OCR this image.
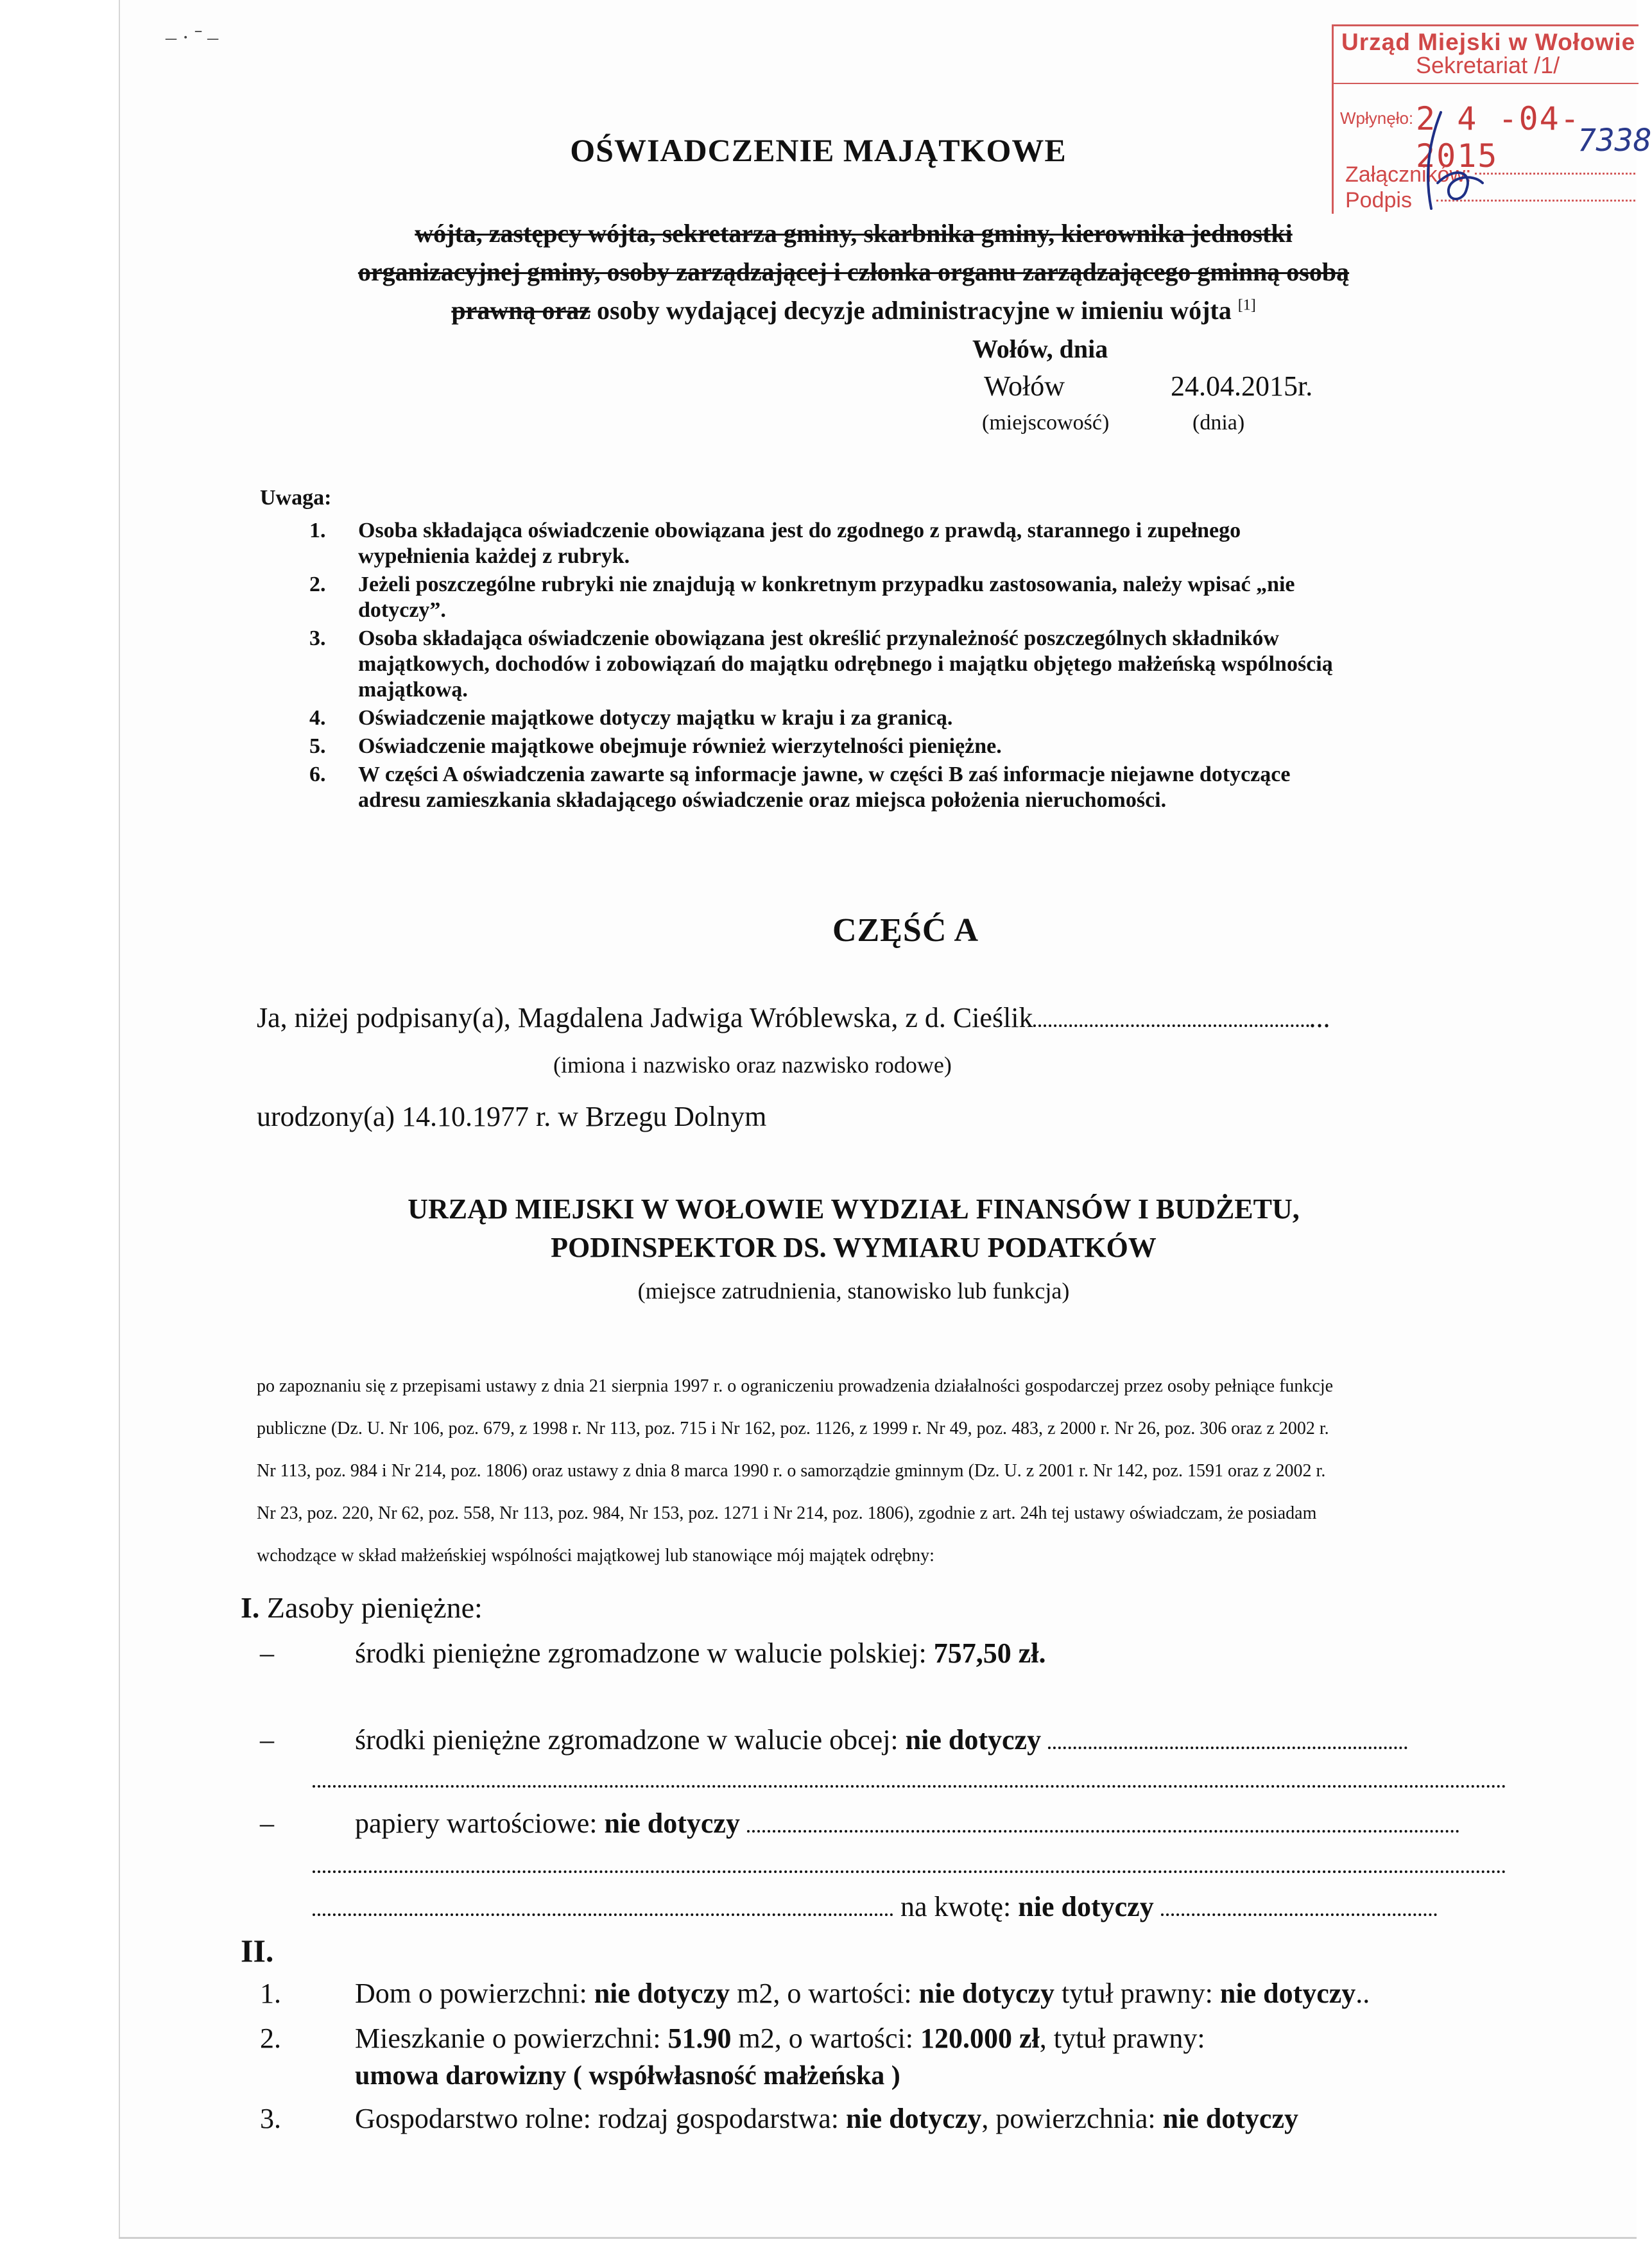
– · ˉ –	Urząd Miejski w Wołowie
Sekretariat /1/
Wpłynęło: 2 4 -04- 2015	7338
Załączników:
Podpis
OŚWIADCZENIE MAJĄTKOWE
wójta, zastępcy wójta, sekretarza gminy, skarbnika gminy, kierownika jednostki
organizacyjnej gminy, osoby zarządzającej i członka organu zarządzającego gminną osobą
prawną oraz osoby wydającej decyzje administracyjne w imieniu wójta [1]
Wołów, dnia
Wołów	24.04.2015r.
(miejscowość)	(dnia)
Uwaga:
1. Osoba składająca oświadczenie obowiązana jest do zgodnego z prawdą, starannego i zupełnego
wypełnienia każdej z rubryk.
2. Jeżeli poszczególne rubryki nie znajdują w konkretnym przypadku zastosowania, należy wpisać „nie
dotyczy”.
3. Osoba składająca oświadczenie obowiązana jest określić przynależność poszczególnych składników
majątkowych, dochodów i zobowiązań do majątku odrębnego i majątku objętego małżeńską wspólnością
majątkową.
4. Oświadczenie majątkowe dotyczy majątku w kraju i za granicą.
5. Oświadczenie majątkowe obejmuje również wierzytelności pieniężne.
6. W części A oświadczenia zawarte są informacje jawne, w części B zaś informacje niejawne dotyczące
adresu zamieszkania składającego oświadczenie oraz miejsca położenia nieruchomości.
CZĘŚĆ A
Ja, niżej podpisany(a), Magdalena Jadwiga Wróblewska, z d. Cieślik	...
(imiona i nazwisko oraz nazwisko rodowe)
urodzony(a) 14.10.1977 r. w Brzegu Dolnym
URZĄD MIEJSKI W WOŁOWIE WYDZIAŁ FINANSÓW I BUDŻETU,
PODINSPEKTOR DS. WYMIARU PODATKÓW
(miejsce zatrudnienia, stanowisko lub funkcja)
po zapoznaniu się z przepisami ustawy z dnia 21 sierpnia 1997 r. o ograniczeniu prowadzenia działalności gospodarczej przez osoby pełniące funkcje
publiczne (Dz. U. Nr 106, poz. 679, z 1998 r. Nr 113, poz. 715 i Nr 162, poz. 1126, z 1999 r. Nr 49, poz. 483, z 2000 r. Nr 26, poz. 306 oraz z 2002 r.
Nr 113, poz. 984 i Nr 214, poz. 1806) oraz ustawy z dnia 8 marca 1990 r. o samorządzie gminnym (Dz. U. z 2001 r. Nr 142, poz. 1591 oraz z 2002 r.
Nr 23, poz. 220, Nr 62, poz. 558, Nr 113, poz. 984, Nr 153, poz. 1271 i Nr 214, poz. 1806), zgodnie z art. 24h tej ustawy oświadczam, że posiadam
wchodzące w skład małżeńskiej wspólności majątkowej lub stanowiące mój majątek odrębny:
I. Zasoby pieniężne:
–	środki pieniężne zgromadzone w walucie polskiej: 757,50 zł.
–	środki pieniężne zgromadzone w walucie obcej: nie dotyczy
–	papiery wartościowe: nie dotyczy
na kwotę: nie dotyczy
II.
1.	Dom o powierzchni: nie dotyczy m2, o wartości: nie dotyczy tytuł prawny: nie dotyczy..
2.	Mieszkanie o powierzchni: 51.90 m2, o wartości: 120.000 zł, tytuł prawny:
umowa darowizny ( współwłasność małżeńska )
3.	Gospodarstwo rolne: rodzaj gospodarstwa: nie dotyczy, powierzchnia: nie dotyczy
